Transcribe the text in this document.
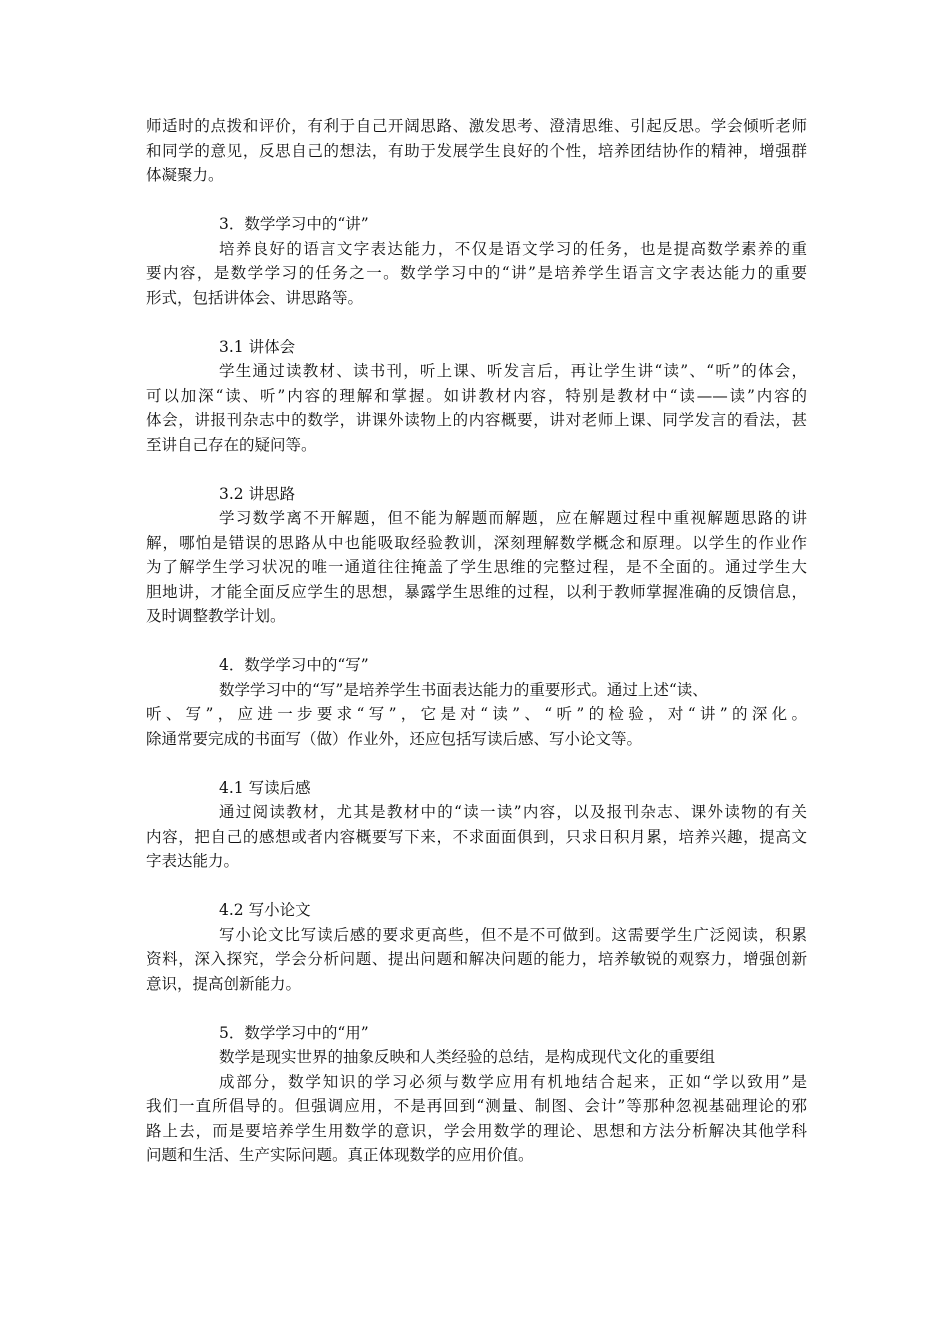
师适时的点拨和评价，有利于自己开阔思路、激发思考、澄清思维、引起反思。学会倾听老师
和同学的意见，反思自己的想法，有助于发展学生良好的个性，培养团结协作的精神，增强群
体凝聚力。
3．数学学习中的“讲”
培养良好的语言文字表达能力，不仅是语文学习的任务，也是提高数学素养的重
要内容，是数学学习的任务之一。数学学习中的“讲”是培养学生语言文字表达能力的重要
形式，包括讲体会、讲思路等。
3.1 讲体会
学生通过读教材、读书刊，听上课、听发言后，再让学生讲“读”、“听”的体会，
可以加深“读、听”内容的理解和掌握。如讲教材内容，特别是教材中“读——读”内容的
体会，讲报刊杂志中的数学，讲课外读物上的内容概要，讲对老师上课、同学发言的看法，甚
至讲自己存在的疑问等。
3.2 讲思路
学习数学离不开解题，但不能为解题而解题，应在解题过程中重视解题思路的讲
解，哪怕是错误的思路从中也能吸取经验教训，深刻理解数学概念和原理。以学生的作业作
为了解学生学习状况的唯一通道往往掩盖了学生思维的完整过程，是不全面的。通过学生大
胆地讲，才能全面反应学生的思想，暴露学生思维的过程，以利于教师掌握准确的反馈信息，
及时调整教学计划。
4．数学学习中的“写”
数学学习中的“写”是培养学生书面表达能力的重要形式。通过上述“读、
听、写”，应进一步要求“写”，它是对“读”、“听”的检验，对“讲”的深化。
除通常要完成的书面写（做）作业外，还应包括写读后感、写小论文等。
4.1 写读后感
通过阅读教材，尤其是教材中的“读一读”内容，以及报刊杂志、课外读物的有关
内容，把自己的感想或者内容概要写下来，不求面面俱到，只求日积月累，培养兴趣，提高文
字表达能力。
4.2 写小论文
写小论文比写读后感的要求更高些，但不是不可做到。这需要学生广泛阅读，积累
资料，深入探究，学会分析问题、提出问题和解决问题的能力，培养敏锐的观察力，增强创新
意识，提高创新能力。
5．数学学习中的“用”
数学是现实世界的抽象反映和人类经验的总结，是构成现代文化的重要组
成部分，数学知识的学习必须与数学应用有机地结合起来，正如“学以致用”是
我们一直所倡导的。但强调应用，不是再回到“测量、制图、会计”等那种忽视基础理论的邪
路上去，而是要培养学生用数学的意识，学会用数学的理论、思想和方法分析解决其他学科
问题和生活、生产实际问题。真正体现数学的应用价值。
